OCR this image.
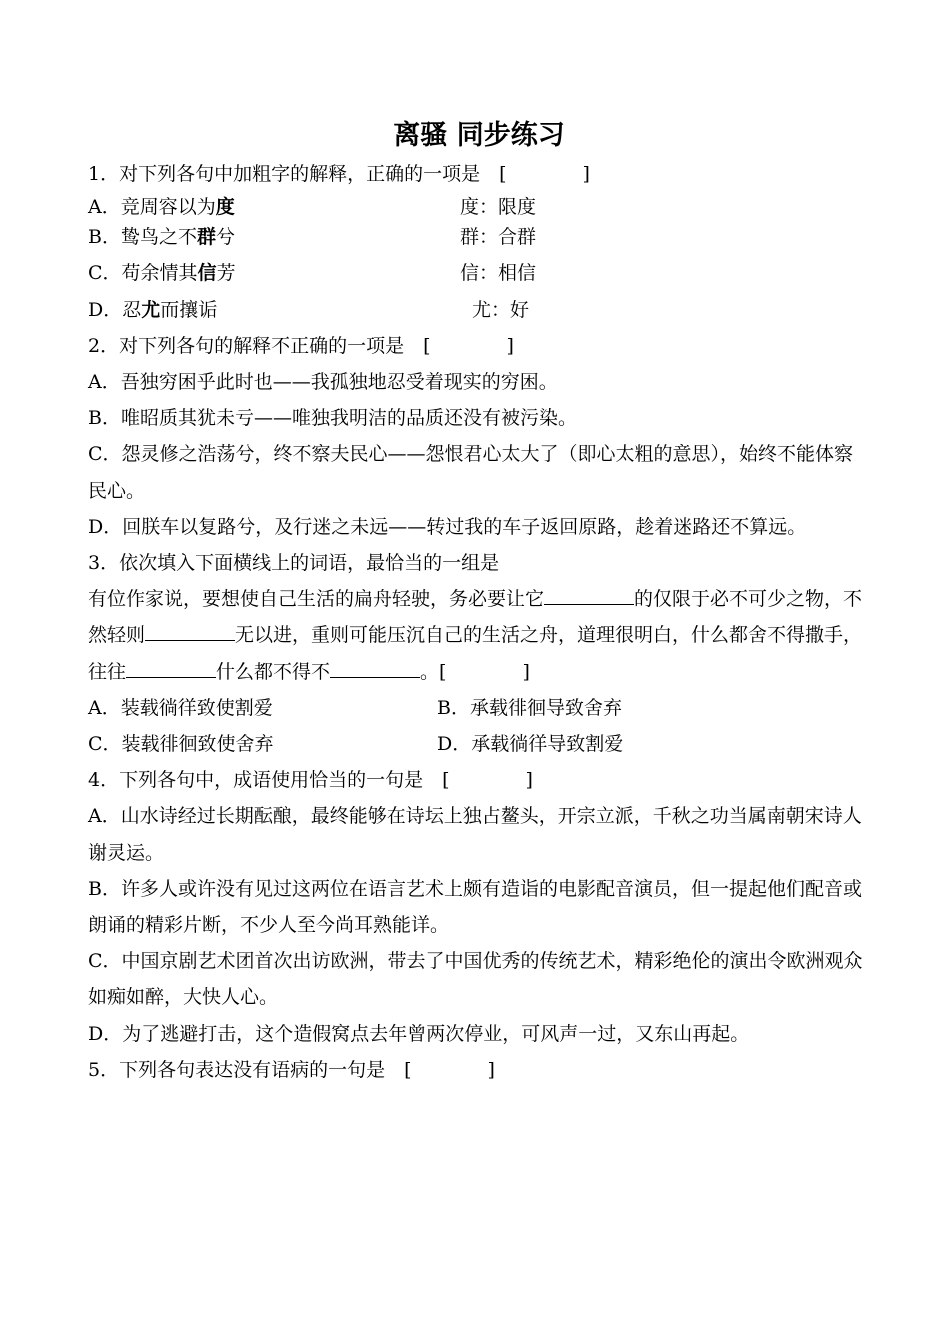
离骚 同步练习
1．对下列各句中加粗字的解释，正确的一项是　[　　　　]
A．竞周容以为度	度：限度
B．鸷鸟之不群兮	群：合群
C．苟余情其信芳	信：相信
D．忍尤而攘诟	尤：好
2．对下列各句的解释不正确的一项是　[　　　　]
A．吾独穷困乎此时也——我孤独地忍受着现实的穷困。
B．唯昭质其犹未亏——唯独我明洁的品质还没有被污染。
C．怨灵修之浩荡兮，终不察夫民心——怨恨君心太大了（即心太粗的意思），始终不能体察民心。
D．回朕车以复路兮，及行迷之未远——转过我的车子返回原路，趁着迷路还不算远。
3．依次填入下面横线上的词语，最恰当的一组是
有位作家说，要想使自己生活的扁舟轻驶，务必要让它	的仅限于必不可少之物，不然轻则	无以进，重则可能压沉自己的生活之舟，道理很明白，什么都舍不得撒手，往往	什么都不得不	。[　　　　]
A．装载徜徉致使割爱	B．承载徘徊导致舍弃
C．装载徘徊致使舍弃	D．承载徜徉导致割爱
4．下列各句中，成语使用恰当的一句是　[　　　　]
A．山水诗经过长期酝酿，最终能够在诗坛上独占鳌头，开宗立派，千秋之功当属南朝宋诗人谢灵运。
B．许多人或许没有见过这两位在语言艺术上颇有造诣的电影配音演员，但一提起他们配音或朗诵的精彩片断，不少人至今尚耳熟能详。
C．中国京剧艺术团首次出访欧洲，带去了中国优秀的传统艺术，精彩绝伦的演出令欧洲观众如痴如醉，大快人心。
D．为了逃避打击，这个造假窝点去年曾两次停业，可风声一过，又东山再起。
5．下列各句表达没有语病的一句是　[　　　　]
